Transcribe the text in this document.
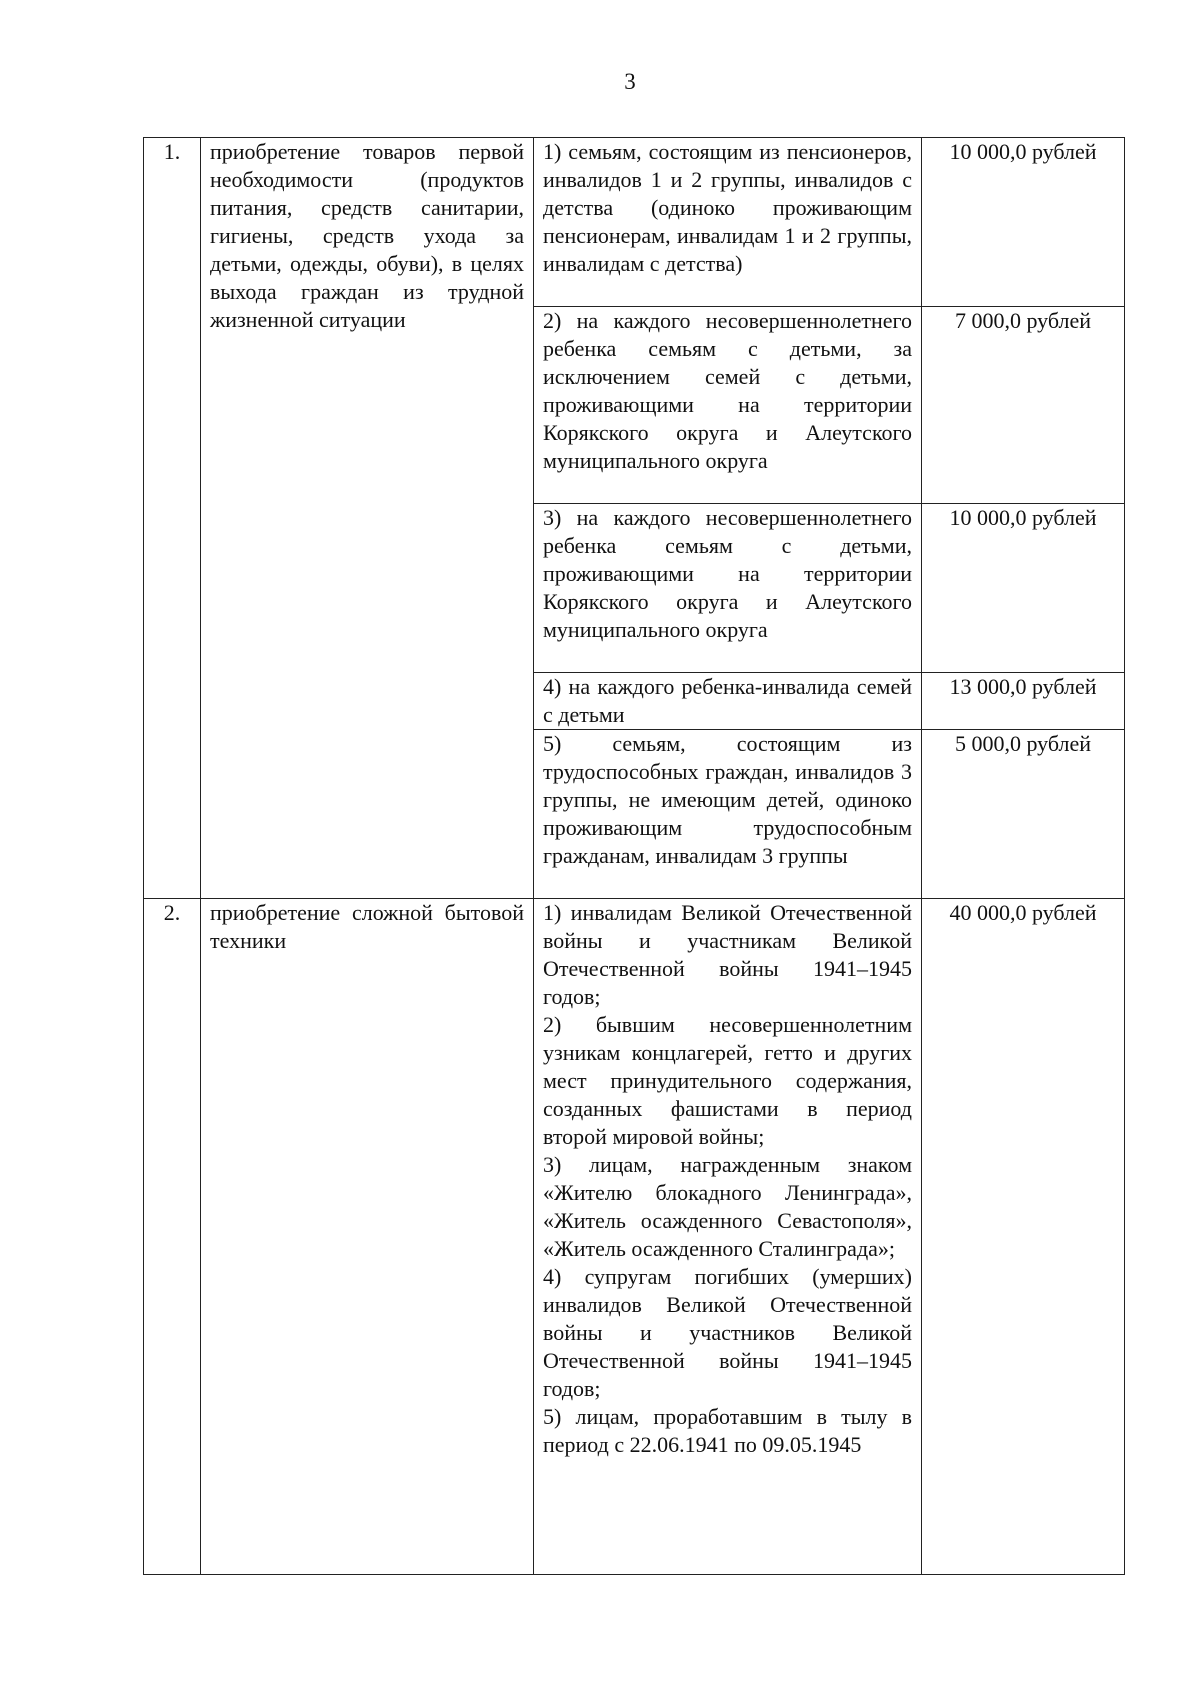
3
1.	приобретение товаров первой необходимости (продуктов питания, средств санитарии, гигиены, средств ухода за детьми, одежды, обуви), в целях выхода граждан из трудной жизненной ситуации	1) семьям, состоящим из пенсионеров, инвалидов 1 и 2 группы, инвалидов с детства (одиноко проживающим пенсионерам, инвалидам 1 и 2 группы, инвалидам с детства)	10 000,0 рублей

		2) на каждого несовершеннолетнего ребенка семьям с детьми, за исключением семей с детьми, проживающими на территории Корякского округа и Алеутского муниципального округа	7 000,0 рублей

		3) на каждого несовершеннолетнего ребенка семьям с детьми, проживающими на территории Корякского округа и Алеутского муниципального округа	10 000,0 рублей

		4) на каждого ребенка-инвалида семей с детьми	13 000,0 рублей

		5) семьям, состоящим из трудоспособных граждан, инвалидов 3 группы, не имеющим детей, одиноко проживающим трудоспособным гражданам, инвалидам 3 группы	5 000,0 рублей

2.	приобретение сложной бытовой техники	1) инвалидам Великой Отечественной войны и участникам Великой Отечественной войны 1941–1945 годов;
2) бывшим несовершеннолетним узникам концлагерей, гетто и других мест принудительного содержания, созданных фашистами в период второй мировой войны;
3) лицам, награжденным знаком «Жителю блокадного Ленинграда», «Житель осажденного Севастополя», «Житель осажденного Сталинграда»;
4) супругам погибших (умерших) инвалидов Великой Отечественной войны и участников Великой Отечественной войны 1941–1945 годов;
5) лицам, проработавшим в тылу в период с 22.06.1941 по 09.05.1945	40 000,0 рублей
